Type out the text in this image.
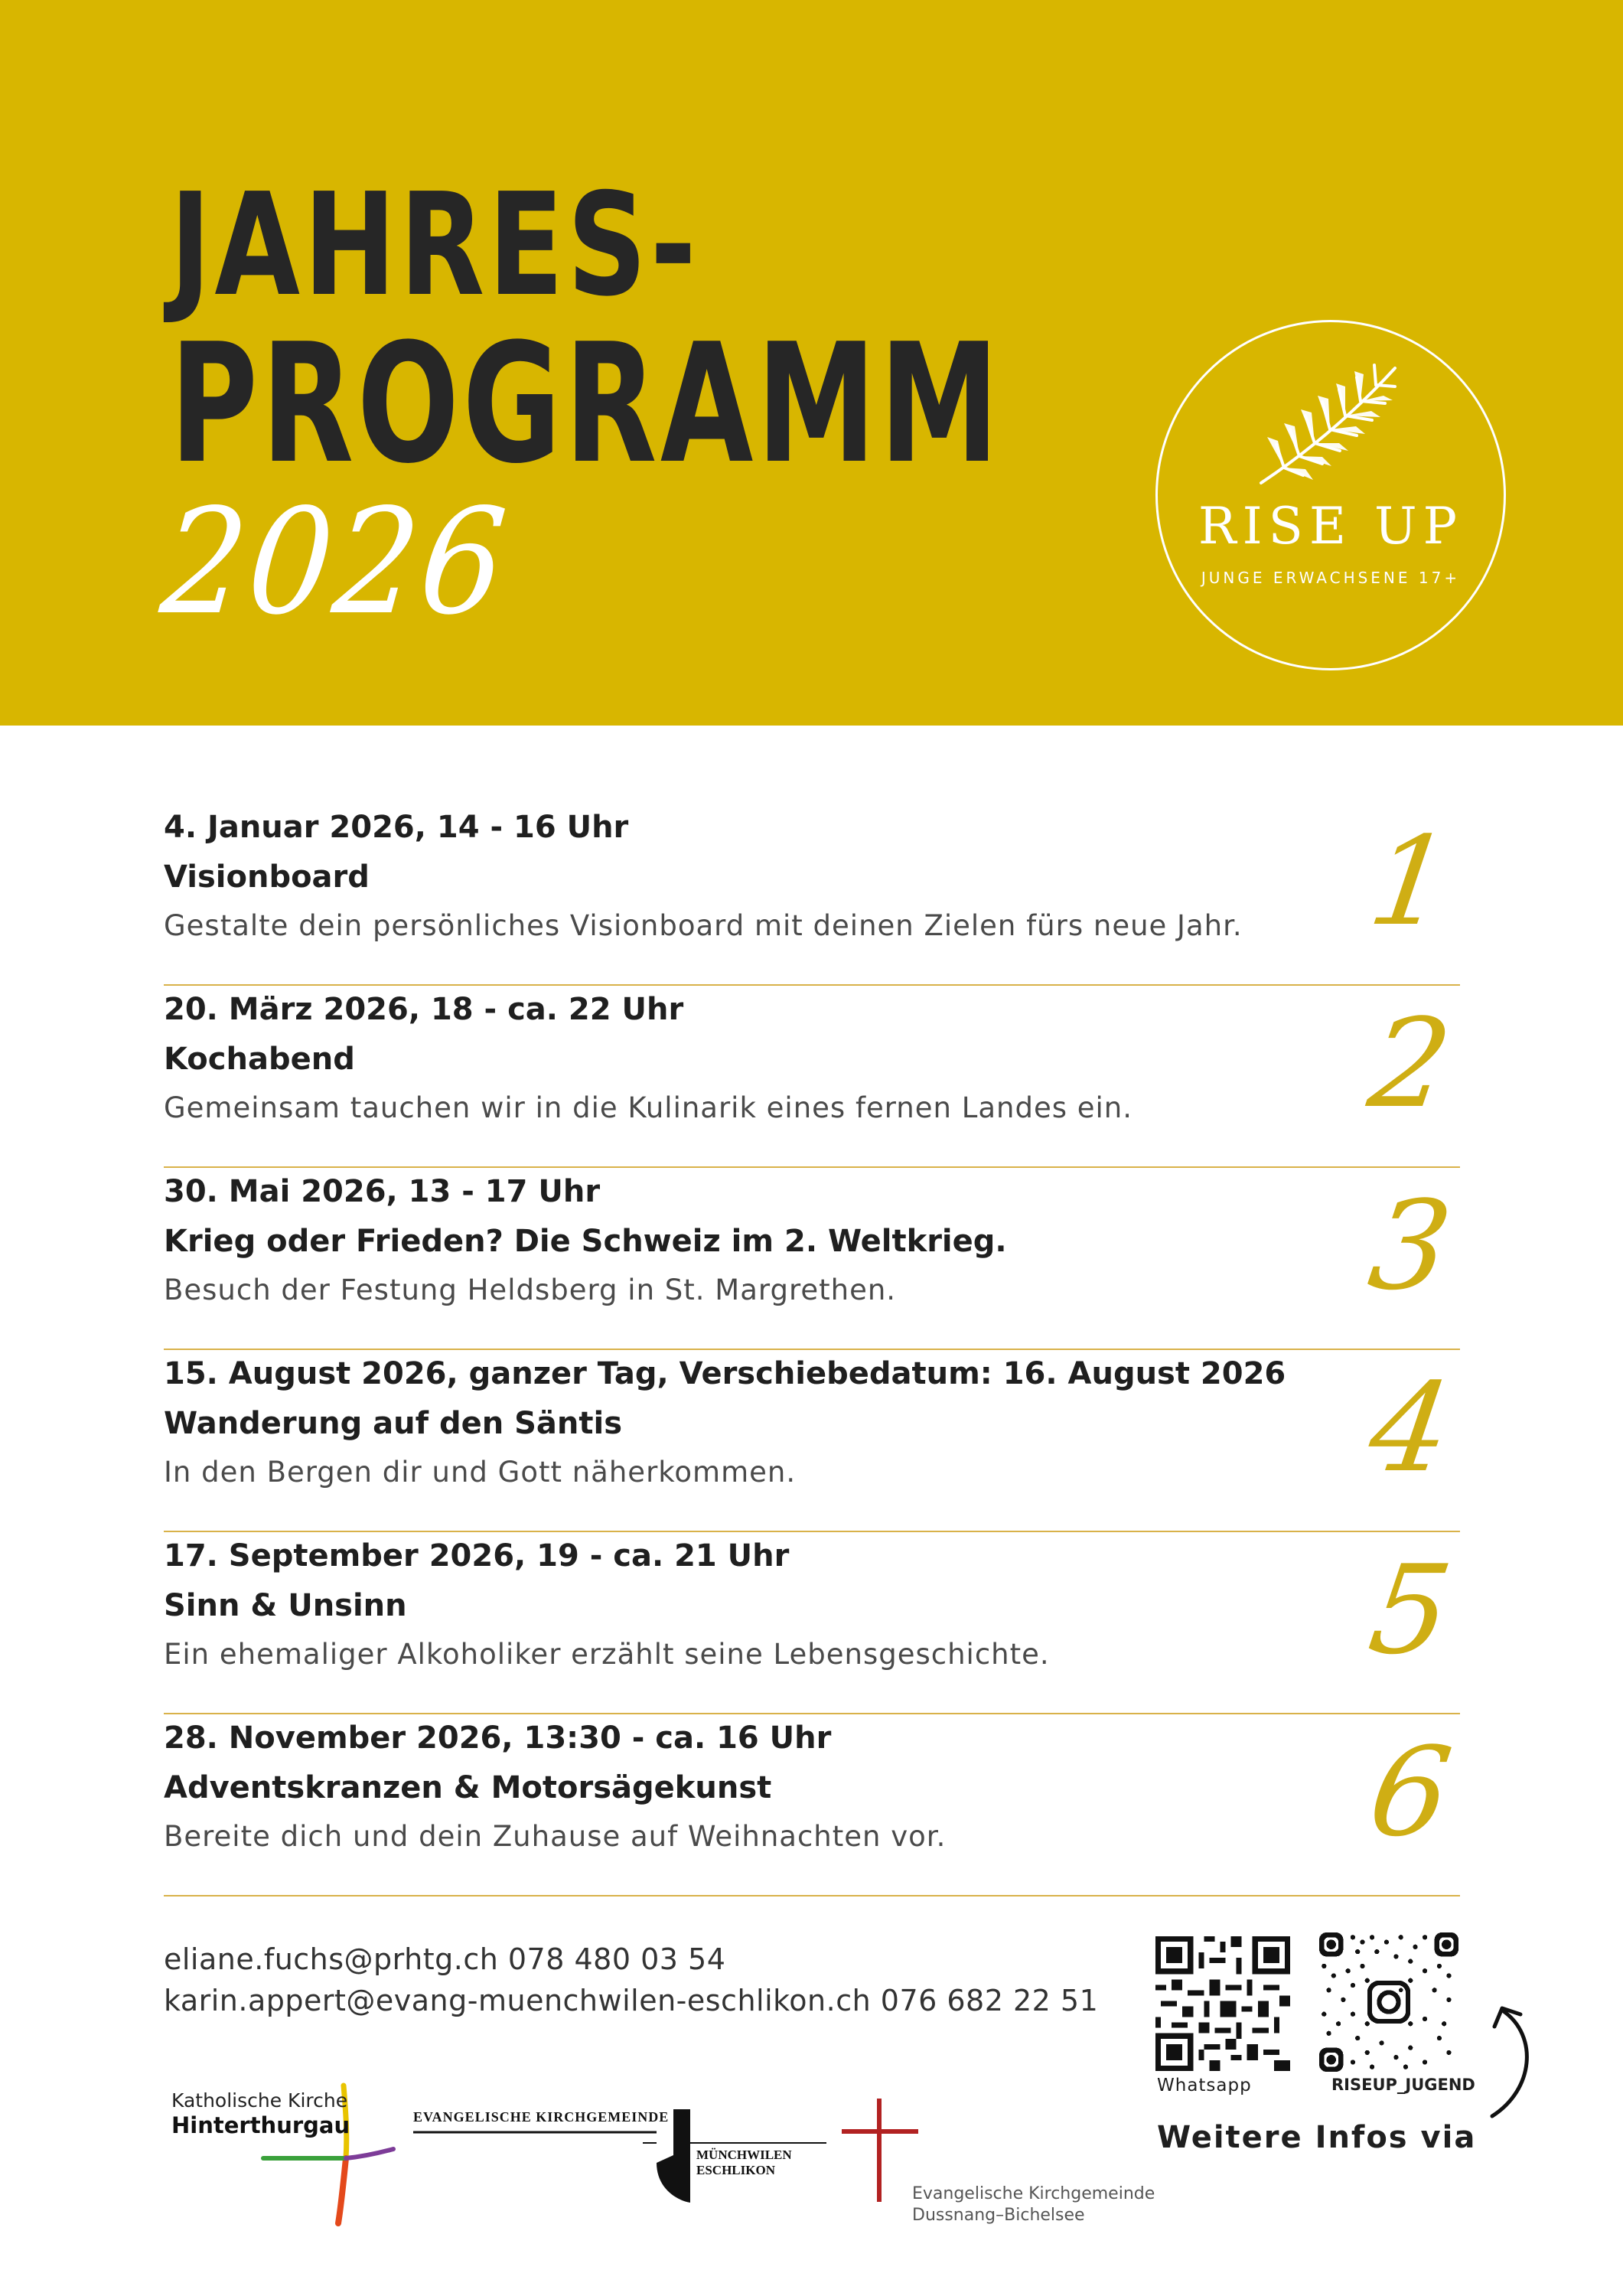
JAHRES-
PROGRAMM
2026	RISE UP
JUNGE ERWACHSENE 17+
4. Januar 2026, 14 - 16 Uhr
Visionboard
Gestalte dein persönliches Visionboard mit deinen Zielen fürs neue Jahr. 1
20. März 2026, 18 - ca. 22 Uhr
Kochabend
Gemeinsam tauchen wir in die Kulinarik eines fernen Landes ein. 2
30. Mai 2026, 13 - 17 Uhr
Krieg oder Frieden? Die Schweiz im 2. Weltkrieg.
Besuch der Festung Heldsberg in St. Margrethen.	3
15. August 2026, ganzer Tag, Verschiebedatum: 16. August 2026
Wanderung auf den Säntis
In den Bergen dir und Gott näherkommen.	4
17. September 2026, 19 - ca. 21 Uhr
Sinn & Unsinn
Ein ehemaliger Alkoholiker erzählt seine Lebensgeschichte.	5
28. November 2026, 13:30 - ca. 16 Uhr
Adventskranzen & Motorsägekunst
Bereite dich und dein Zuhause auf Weihnachten vor.	6
eliane.fuchs@prhtg.ch 078 480 03 54
karin.appert@evang-muenchwilen-eschlikon.ch 076 682 22 51
Whatsapp	RISEUP_JUGEND
Weitere Infos via
Katholische Kirche
Hinterthurgau	EVANGELISCHE KIRCHGEMEINDE
MÜNCHWILEN
ESCHLIKON
Evangelische Kirchgemeinde
Dussnang–Bichelsee
